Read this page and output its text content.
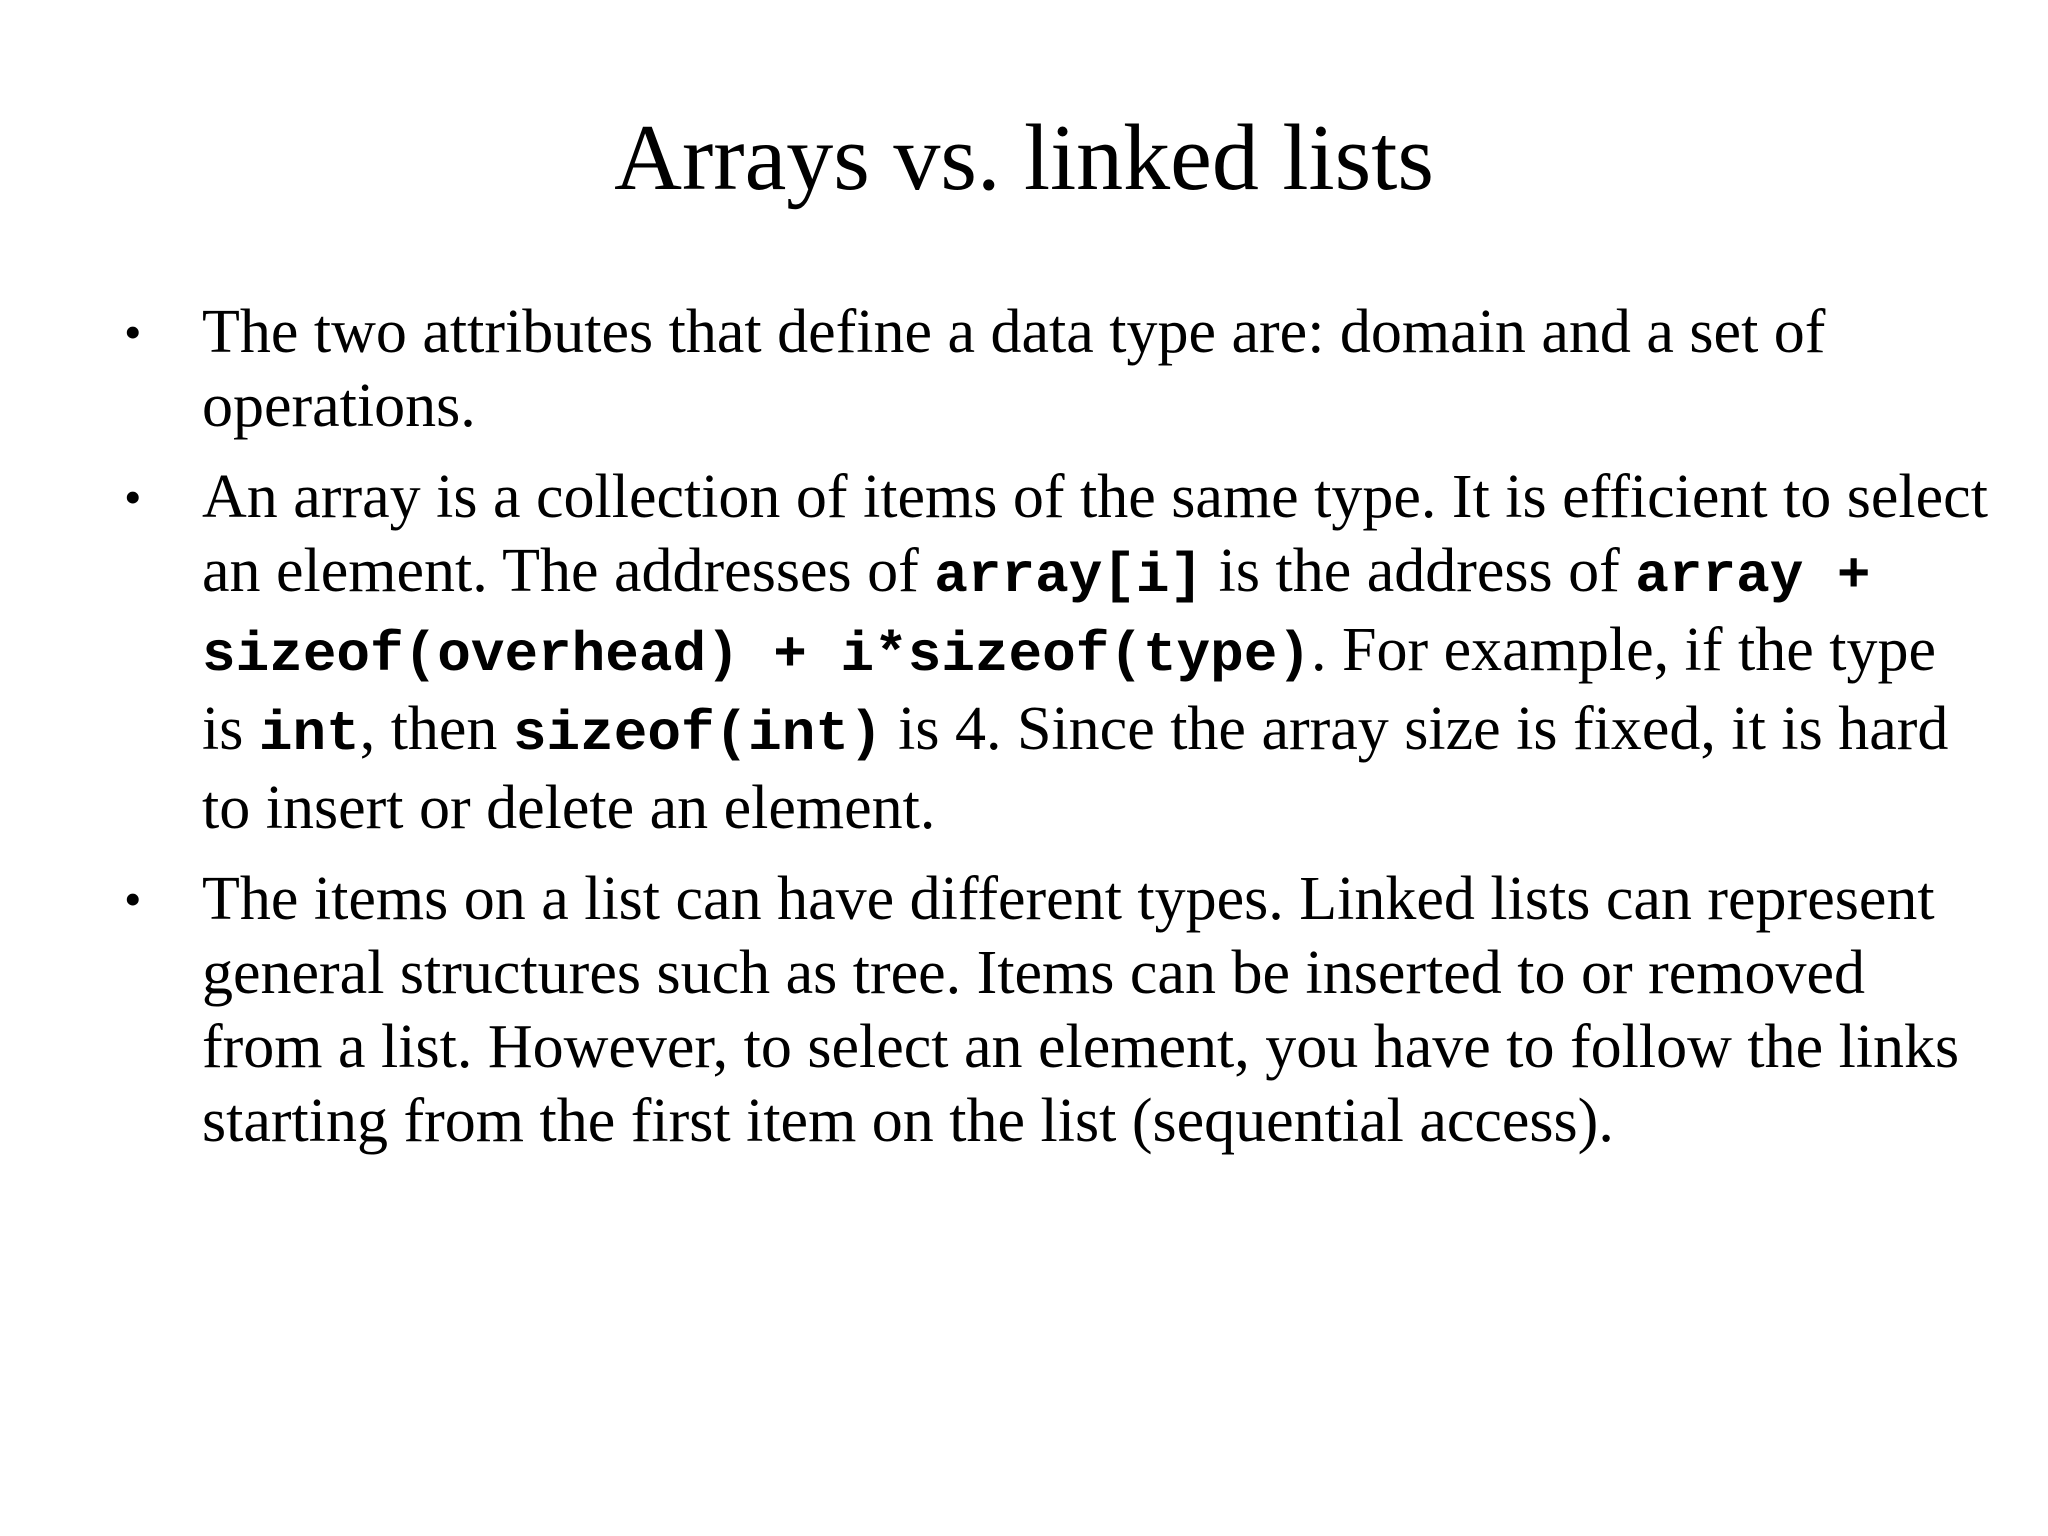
Arrays vs. linked lists
• The two attributes that define a data type are: domain and a set of operations.
• An array is a collection of items of the same type. It is efficient to select an element. The addresses of array[i] is the address of array + sizeof(overhead) + i*sizeof(type). For example, if the type is int, then sizeof(int) is 4. Since the array size is fixed, it is hard to insert or delete an element.
• The items on a list can have different types. Linked lists can represent general structures such as tree. Items can be inserted to or removed from a list. However, to select an element, you have to follow the links starting from the first item on the list (sequential access).
